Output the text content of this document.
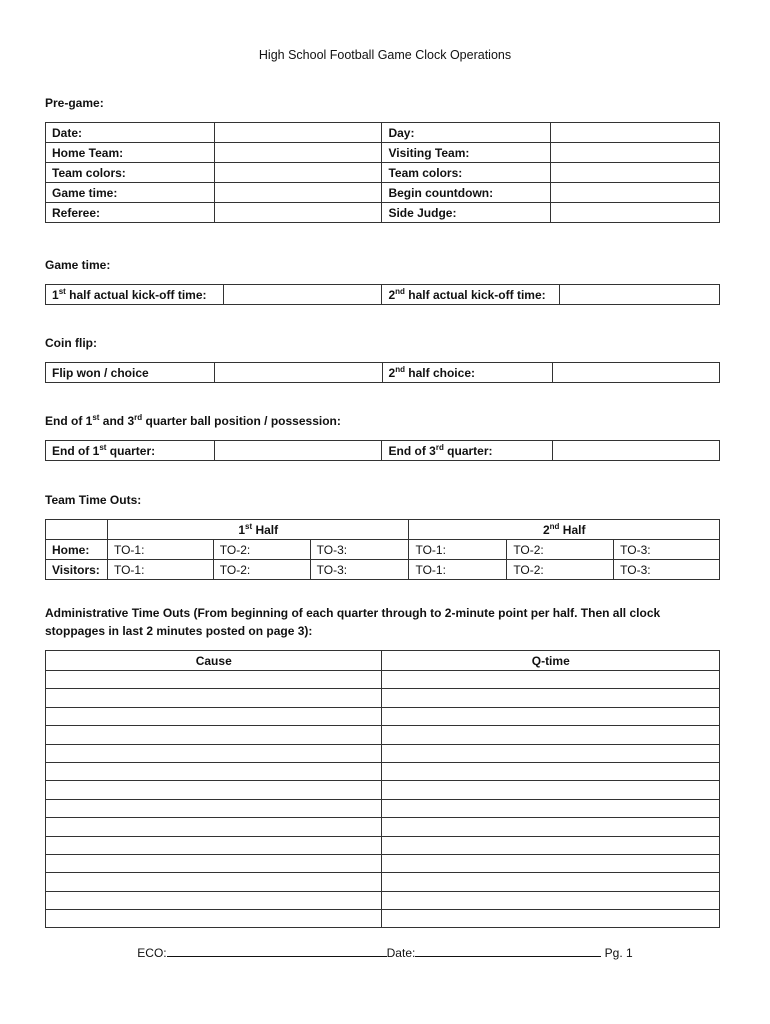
High School Football Game Clock Operations
Pre-game:
Date:		Day:	
Home Team:		Visiting Team:	
Team colors:		Team colors:	
Game time:		Begin countdown:	
Referee:		Side Judge:	
Game time:
1st half actual kick-off time:		2nd half actual kick-off time:	
Coin flip:
Flip won / choice		2nd half choice:	
End of 1st and 3rd quarter ball position / possession:
End of 1st quarter:		End of 3rd quarter:	
Team Time Outs:
	1st Half			2nd Half		
Home:	TO-1:	TO-2:	TO-3:	TO-1:	TO-2:	TO-3:
Visitors:	TO-1:	TO-2:	TO-3:	TO-1:	TO-2:	TO-3:
Administrative Time Outs (From beginning of each quarter through to 2-minute point per half. Then all clock
stoppages in last 2 minutes posted on page 3):
Cause	Q-time

ECO:	Date:	Pg. 1
